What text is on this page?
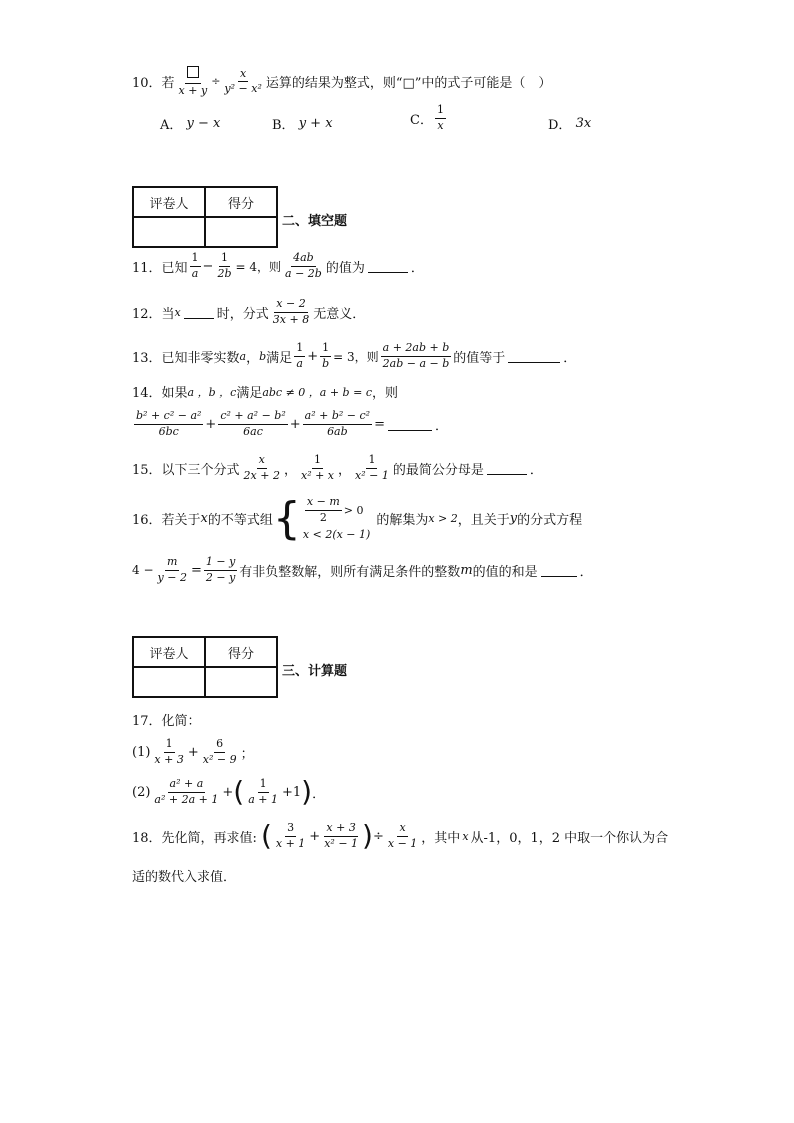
10．若 x + y
÷ $\frac{x}{\text{y² − x²}}$ 运算的结果为整式，则“□”中的式子可能是（　）
A．
y − x	B．
y + x	C． $\frac{1}{x}$	D．
3x
评卷人	得分

二、填空题
11．已知 $\frac{1}{a} - \frac{1}{2b} = 4$，则 $\frac{4ab}{a - 2b}$ 的值为	．
12．当 x	时，分式 $\frac{x - 2}{3x + 8}$ 无意义．
13．已知非零实数 a ， b 满足 $\frac{1}{a} + \frac{1}{b} = 3$，则 $\frac{a + 2ab + b}{2ab - a - b}$ 的值等于	．
14．如果 a ，b ，c 满足 abc ≠ 0 ，a + b = c ，则
$\frac{\text{b² + c² − a²}}{6bc} + \frac{\text{c² + a² − b²}}{6ac} + \frac{\text{a² + b² − c²}}{6ab}$ =	．
15．以下三个分式 $\frac{x}{2x + 2}$ ， $\frac{1}{\text{x² + x}}$ ， $\frac{1}{\text{x² − 1}}$ 的最简公分母是	．
16．若关于 x 的不等式组 { $\frac{x - m}{2} > 0$
x < 2(x − 1)
的解集为 x > 2 ，且关于 y 的分式方程
$4 - \frac{m}{y - 2} = \frac{1 - y}{2 - y}$ 有非负整数解，则所有满足条件的整数 m 的值的和是	．
评卷人	得分

三、计算题
17．化简：
$(1) \frac{1}{x + 3} + \frac{6}{\text{x² − 9}}$ ；
$(2) \frac{\text{a² + a}}{\text{a² + 2a + 1}}$ + ( $\frac{1}{a + 1} +1$ ) ．
18．先化简，再求值: ( $\frac{3}{x + 1} + \frac{x + 3}{\text{x² − 1}}$ ) ÷ $\frac{x}{x - 1}$ ，其中 x 从-1，0，1，2 中取一个你认为合
适的数代入求值．
